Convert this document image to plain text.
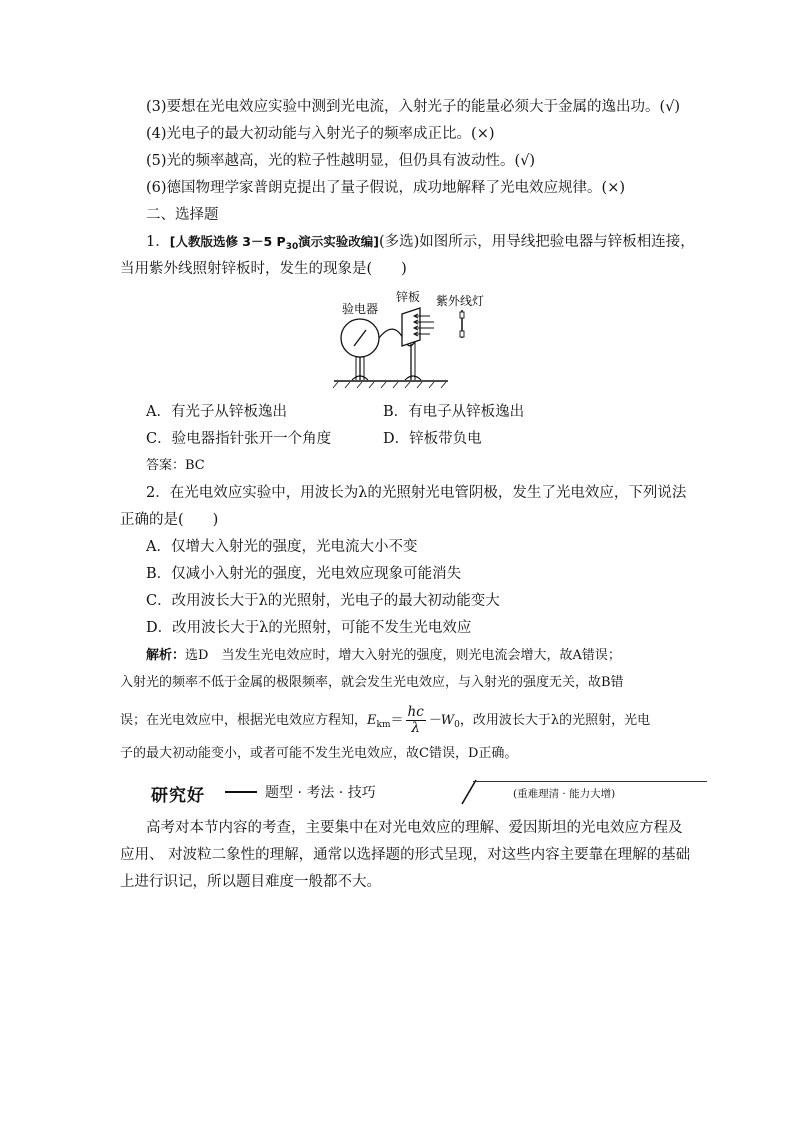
(3)要想在光电效应实验中测到光电流，入射光子的能量必须大于金属的逸出功。(√)
(4)光电子的最大初动能与入射光子的频率成正比。(×)
(5)光的频率越高，光的粒子性越明显，但仍具有波动性。(√)
(6)德国物理学家普朗克提出了量子假说，成功地解释了光电效应规律。(×)
二、选择题
1．[人教版选修 3－5 $P_{30}$演示实验改编](多选)如图所示，用导线把验电器与锌板相连接，
当用紫外线照射锌板时，发生的现象是(　　)
验电器
锌板 紫外线灯
A．有光子从锌板逸出	B．有电子从锌板逸出
C．验电器指针张开一个角度	D．锌板带负电
答案：BC
2．在光电效应实验中，用波长为λ的光照射光电管阴极，发生了光电效应，下列说法
正确的是(　　)
A．仅增大入射光的强度，光电流大小不变
B．仅减小入射光的强度，光电效应现象可能消失
C．改用波长大于λ的光照射，光电子的最大初动能变大
D．改用波长大于λ的光照射，可能不发生光电效应
解析：选D　当发生光电效应时，增大入射光的强度，则光电流会增大，故A错误；
入射光的频率不低于金属的极限频率，就会发生光电效应，与入射光的强度无关，故B错
误；在光电效应中，根据光电效应方程知，$E_{km}= \frac{hc}{\lambda} -W_0$，改用波长大于λ的光照射，光电
子的最大初动能变小，或者可能不发生光电效应，故C错误，D正确。
研究好	题型 · 考法 · 技巧	(重难理清 · 能力大增)
高考对本节内容的考查，主要集中在对光电效应的理解、爱因斯坦的光电效应方程及
应用、 对波粒二象性的理解，通常以选择题的形式呈现，对这些内容主要靠在理解的基础
上进行识记，所以题目难度一般都不大。
